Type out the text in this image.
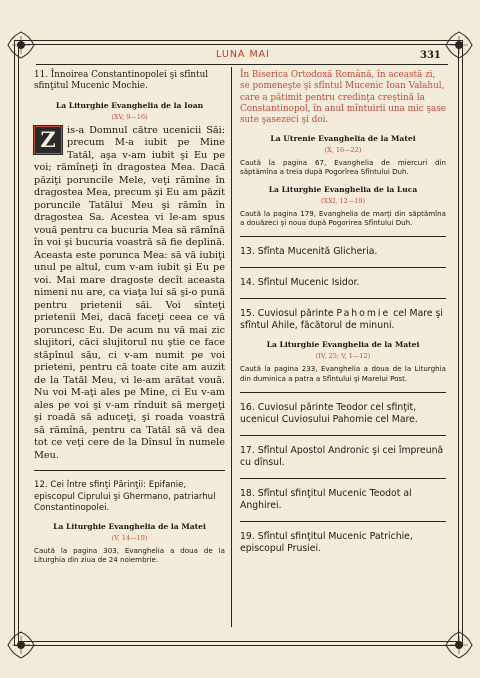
LUNA MAI	331

11. Înnoirea Constantinopolei şi sfîntul sfinţitul Mucenic Mochie.

La Liturghie Evanghelia de la Ioan
(XV, 9—16)

Z	is-a Domnul către ucenicii Săi: precum M-a iubit pe Mine Tatăl, aşa v-am iubit şi Eu pe voi; rămîneţi în dragostea Mea. Dacă păziţi poruncile Mele, veţi rămîne în dragostea Mea, precum şi Eu am păzit poruncile Tatălui Meu şi rămîn în dragostea Sa. Acestea vi le-am spus vouă pentru ca bucuria Mea să rămînă în voi şi bucuria voastră să fie deplină. Aceasta este porunca Mea: să vă iubiţi unul pe altul, cum v-am iubit şi Eu pe voi. Mai mare dragoste decît aceasta nimeni nu are, ca viaţa lui să şi-o pună pentru prietenii săi. Voi sînteţi prietenii Mei, dacă faceţi ceea ce vă poruncesc Eu. De acum nu vă mai zic slujitori, căci slujitorul nu ştie ce face stăpînul său, ci v-am numit pe voi prieteni, pentru că toate cite am auzit de la Tatăl Meu, vi le-am arătat vouă. Nu voi M-aţi ales pe Mine, ci Eu v-am ales pe voi şi v-am rînduit să mergeţi şi roadă să aduceţi, şi roada voastră să rămînă, pentru ca Tatăl să vă dea tot ce veţi cere de la Dînsul în numele Meu.

12. Cei între sfinţi Părinţii: Epifanie, episcopul Ciprului şi Ghermano, patriarhul Constantinopolei.

La Liturghie Evanghelia de la Matei
(V, 14—19)

Caută la pagina 303, Evanghelia a doua de la Liturghia din ziua de 24 noiembrie.

În Biserica Ortodoxă Română, în această zi, se pomeneşte şi sfîntul Mucenic Ioan Valahul, care a pătimit pentru credinţa creştină la Constantinopol, în anul mîntuirii una mic şase sute şasezeci şi doi.

La Utrenie Evanghelia de la Matei
(X, 16—22)

Caută la pagina 67, Evanghelia de miercuri din săptămîna a treia după Pogorîrea Sfîntului Duh.

La Liturghie Evanghelia de la Luca
(XXI, 12—19)

Caută la pagina 179, Evanghelia de marţi din săptămîna a douăzeci şi noua după Pogorirea Sfîntului Duh.

13. Sfînta Mucenită Glicheria.

14. Sfîntul Mucenic Isidor.

15. Cuviosul părinte Pahomie cel Mare şi sfîntul Ahile, făcătorul de minuni.

La Liturghie Evanghelia de la Matei
(IV, 25; V, 1—12)

Caută la pagina 233, Evanghelia a doua de la Liturghia din duminica a patra a Sfîntului şi Marelui Post.

16. Cuviosul părinte Teodor cel sfinţit, ucenicul Cuviosului Pahomie cel Mare.

17. Sfîntul Apostol Andronic şi cei împreună cu dînsul.

18. Sfîntul sfinţitul Mucenic Teodot al Anghirei.

19. Sfîntul sfinţitul Mucenic Patrichie, episcopul Prusiei.
